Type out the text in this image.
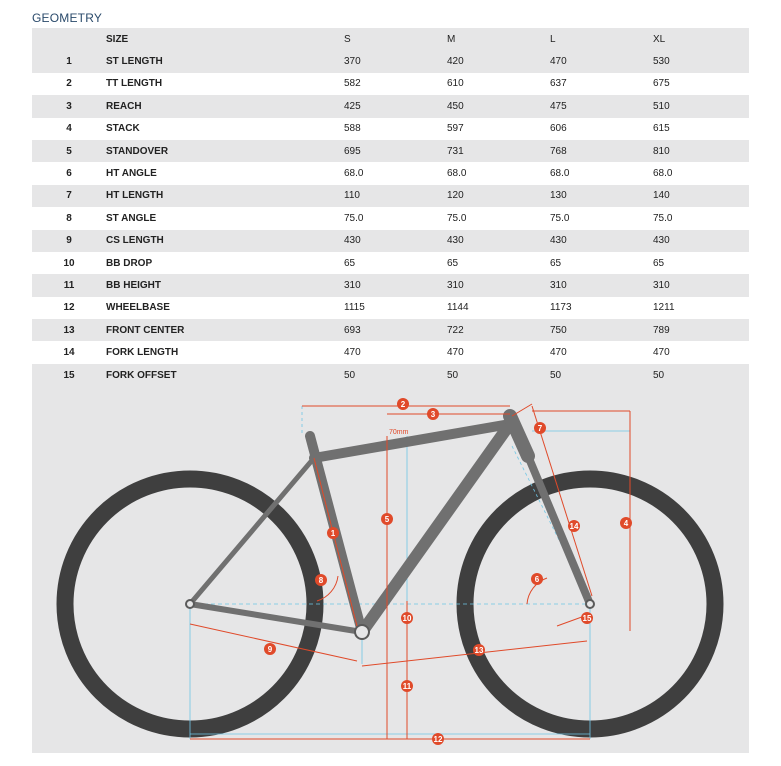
GEOMETRY
	SIZE	S	M	L	XL
1	ST LENGTH	370	420	470	530
2	TT LENGTH	582	610	637	675
3	REACH	425	450	475	510
4	STACK	588	597	606	615
5	STANDOVER	695	731	768	810
6	HT ANGLE	68.0	68.0	68.0	68.0
7	HT LENGTH	110	120	130	140
8	ST ANGLE	75.0	75.0	75.0	75.0
9	CS LENGTH	430	430	430	430
10	BB DROP	65	65	65	65
11	BB HEIGHT	310	310	310	310
12	WHEELBASE	1115	1144	1173	1211
13	FRONT CENTER	693	722	750	789
14	FORK LENGTH	470	470	470	470
15	FORK OFFSET	50	50	50	50
70mm
1
2
3
4
5
6
7
8
9
10
11
12
13
14
15
